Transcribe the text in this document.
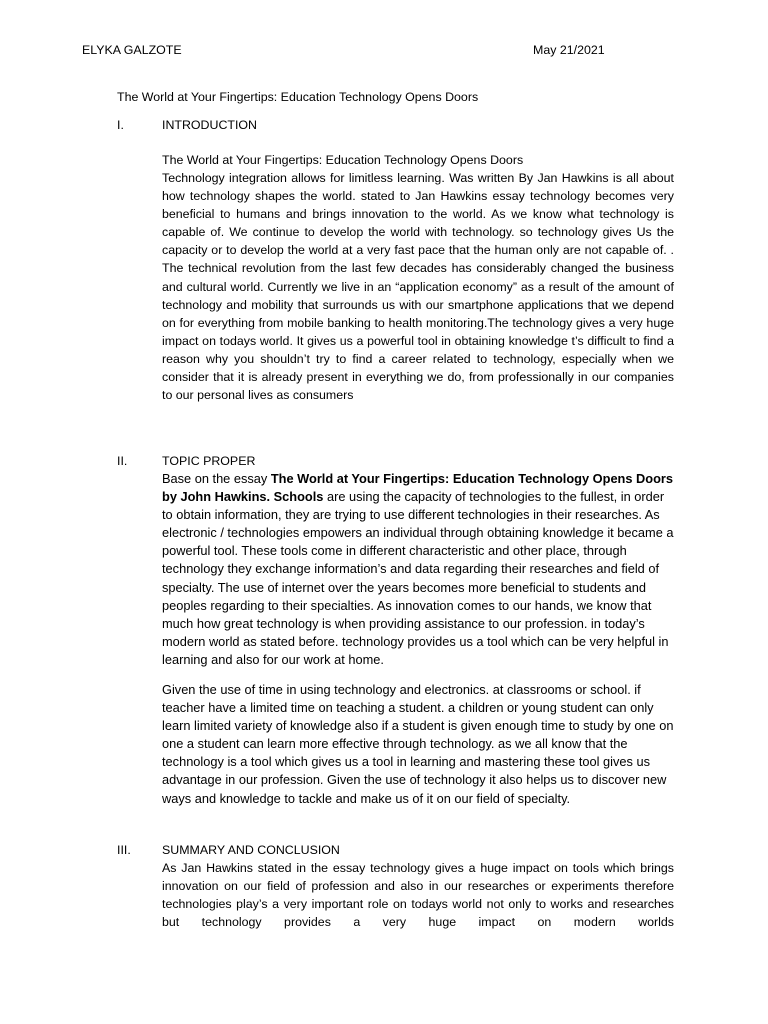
ELYKA GALZOTE	May 21/2021
The World at Your Fingertips: Education Technology Opens Doors
I.	INTRODUCTION
The World at Your Fingertips: Education Technology Opens Doors

Technology integration allows for limitless learning. Was written By Jan Hawkins is all about how technology shapes the world. stated to Jan Hawkins essay technology becomes very beneficial to humans and brings innovation to the world. As we know what technology is capable of. We continue to develop the world with technology. so technology gives Us the capacity or to develop the world at a very fast pace that the human only are not capable of. . The technical revolution from the last few decades has considerably changed the business and cultural world. Currently we live in an “application economy” as a result of the amount of technology and mobility that surrounds us with our smartphone applications that we depend on for everything from mobile banking to health monitoring.The technology gives a very huge impact on todays world. It gives us a powerful tool in obtaining knowledge t’s difficult to find a reason why you shouldn’t try to find a career related to technology, especially when we consider that it is already present in everything we do, from professionally in our companies to our personal lives as consumers

II.	TOPIC PROPER

Base on the essay The World at Your Fingertips: Education Technology Opens Doors by John Hawkins. Schools are using the capacity of technologies to the fullest, in order to obtain information, they are trying to use different technologies in their researches. As electronic / technologies empowers an individual through obtaining knowledge it became a powerful tool. These tools come in different characteristic and other place, through technology they exchange information’s and data regarding their researches and field of specialty. The use of internet over the years becomes more beneficial to students and peoples regarding to their specialties. As innovation comes to our hands, we know that much how great technology is when providing assistance to our profession. in today’s modern world as stated before. technology provides us a tool which can be very helpful in learning and also for our work at home.

Given the use of time in using technology and electronics. at classrooms or school. if teacher have a limited time on teaching a student. a children or young student can only learn limited variety of knowledge also if a student is given enough time to study by one on one a student can learn more effective through technology. as we all know that the technology is a tool which gives us a tool in learning and mastering these tool gives us advantage in our profession. Given the use of technology it also helps us to discover new ways and knowledge to tackle and make us of it on our field of specialty.

III.	SUMMARY AND CONCLUSION

As Jan Hawkins stated in the essay technology gives a huge impact on tools which brings innovation on our field of profession and also in our researches or experiments therefore technologies play’s a very important role on todays world not only to works and researches but technology provides a very huge impact on modern worlds
